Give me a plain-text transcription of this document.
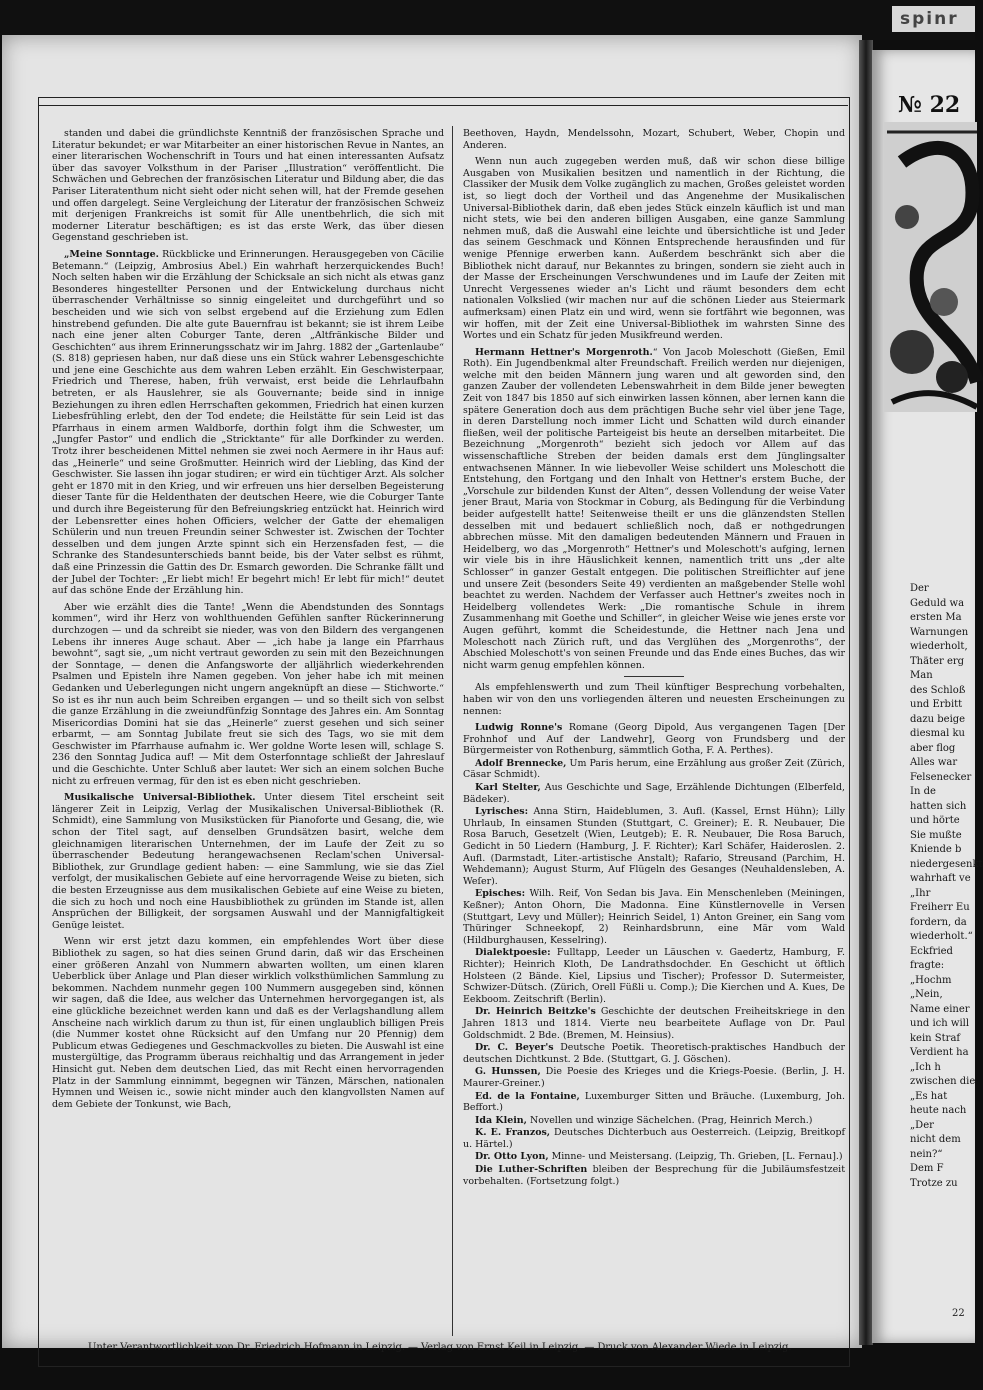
spinr
№ 22
Der
Geduld wa
ersten Ma
Warnungen
wiederholt,
Thäter erg
Man
des Schloß
und Erbitt
dazu beige
diesmal ku
aber flog
Alles war
Felsenecker
In de
hatten sich
und hörte
Sie mußte
Kniende b
niedergesenkt
wahrhaft ve
„Ihr
Freiherr Eu
fordern, da
wiederholt.“
Eckfried
fragte:
„Hochm
„Nein,
Name einer
und ich will
kein Straf
Verdient ha
„Ich h
zwischen die
„Es hat
heute nach
„Der
nicht dem
nein?“
Dem F
Trotze zu
22

standen und dabei die gründlichste Kenntniß der französischen Sprache und Literatur bekundet; er war Mitarbeiter an einer historischen Revue in Nantes, an einer literarischen Wochenschrift in Tours und hat einen interessanten Aufsatz über das savoyer Volksthum in der Pariser „Illustration“ veröffentlicht. Die Schwächen und Gebrechen der französischen Literatur und Bildung aber, die das Pariser Literatenthum nicht sieht oder nicht sehen will, hat der Fremde gesehen und offen dargelegt. Seine Vergleichung der Literatur der französischen Schweiz mit derjenigen Frankreichs ist somit für Alle unentbehrlich, die sich mit moderner Literatur beschäftigen; es ist das erste Werk, das über diesen Gegenstand geschrieben ist.

„Meine Sonntage. Rückblicke und Erinnerungen. Herausgegeben von Cäcilie Betemann.“ (Leipzig, Ambrosius Abel.) Ein wahrhaft herzerquickendes Buch! Noch selten haben wir die Erzählung der Schicksale an sich nicht als etwas ganz Besonderes hingestellter Personen und der Entwickelung durchaus nicht überraschender Verhältnisse so sinnig eingeleitet und durchgeführt und so bescheiden und wie sich von selbst ergebend auf die Erziehung zum Edlen hinstrebend gefunden. Die alte gute Bauernfrau ist bekannt; sie ist ihrem Leibe nach eine jener alten Coburger Tante, deren „Altfränkische Bilder und Geschichten“ aus ihrem Erinnerungsschatz wir im Jahrg. 1882 der „Gartenlaube“ (S. 818) gepriesen haben, nur daß diese uns ein Stück wahrer Lebensgeschichte und jene eine Geschichte aus dem wahren Leben erzählt. Ein Geschwisterpaar, Friedrich und Therese, haben, früh verwaist, erst beide die Lehrlaufbahn betreten, er als Hauslehrer, sie als Gouvernante; beide sind in innige Beziehungen zu ihren edlen Herrschaften gekommen, Friedrich hat einen kurzen Liebesfrühling erlebt, den der Tod endete; die Heilstätte für sein Leid ist das Pfarrhaus in einem armen Waldborfe, dorthin folgt ihm die Schwester, um „Jungfer Pastor“ und endlich die „Stricktante“ für alle Dorfkinder zu werden. Trotz ihrer bescheidenen Mittel nehmen sie zwei noch Aermere in ihr Haus auf: das „Heinerle“ und seine Großmutter. Heinrich wird der Liebling, das Kind der Geschwister. Sie lassen ihn jogar studiren; er wird ein tüchtiger Arzt. Als solcher geht er 1870 mit in den Krieg, und wir erfreuen uns hier derselben Begeisterung dieser Tante für die Heldenthaten der deutschen Heere, wie die Coburger Tante und durch ihre Begeisterung für den Befreiungskrieg entzückt hat. Heinrich wird der Lebensretter eines hohen Officiers, welcher der Gatte der ehemaligen Schülerin und nun treuen Freundin seiner Schwester ist. Zwischen der Tochter desselben und dem jungen Arzte spinnt sich ein Herzensfaden fest, — die Schranke des Standesunterschieds bannt beide, bis der Vater selbst es rühmt, daß eine Prinzessin die Gattin des Dr. Esmarch geworden. Die Schranke fällt und der Jubel der Tochter: „Er liebt mich! Er begehrt mich! Er lebt für mich!“ deutet auf das schöne Ende der Erzählung hin.

Aber wie erzählt dies die Tante! „Wenn die Abendstunden des Sonntags kommen“, wird ihr Herz von wohlthuenden Gefühlen sanfter Rückerinnerung durchzogen — und da schreibt sie nieder, was von den Bildern des vergangenen Lebens ihr inneres Auge schaut. Aber — „ich habe ja lange ein Pfarrhaus bewohnt“, sagt sie, „um nicht vertraut geworden zu sein mit den Bezeichnungen der Sonntage, — denen die Anfangsworte der alljährlich wiederkehrenden Psalmen und Episteln ihre Namen gegeben. Von jeher habe ich mit meinen Gedanken und Ueberlegungen nicht ungern angeknüpft an diese — Stichworte.“ So ist es ihr nun auch beim Schreiben ergangen — und so theilt sich von selbst die ganze Erzählung in die zweiundfünfzig Sonntage des Jahres ein. Am Sonntag Misericordias Domini hat sie das „Heinerle“ zuerst gesehen und sich seiner erbarmt, — am Sonntag Jubilate freut sie sich des Tags, wo sie mit dem Geschwister im Pfarrhause aufnahm ic. Wer goldne Worte lesen will, schlage S. 236 den Sonntag Judica auf! — Mit dem Osterfonntage schließt der Jahreslauf und die Geschichte. Unter Schluß aber lautet: Wer sich an einem solchen Buche nicht zu erfreuen vermag, für den ist es eben nicht geschrieben.

Musikalische Universal-Bibliothek. Unter diesem Titel erscheint seit längerer Zeit in Leipzig, Verlag der Musikalischen Universal-Bibliothek (R. Schmidt), eine Sammlung von Musikstücken für Pianoforte und Gesang, die, wie schon der Titel sagt, auf denselben Grundsätzen basirt, welche dem gleichnamigen literarischen Unternehmen, der im Laufe der Zeit zu so überraschender Bedeutung herangewachsenen Reclam'schen Universal-Bibliothek, zur Grundlage gedient haben: — eine Sammlung, wie sie das Ziel verfolgt, der musikalischen Gebiete auf eine hervorragende Weise zu bieten, sich die besten Erzeugnisse aus dem musikalischen Gebiete auf eine Weise zu bieten, die sich zu hoch und noch eine Hausbibliothek zu gründen im Stande ist, allen Ansprüchen der Billigkeit, der sorgsamen Auswahl und der Mannigfaltigkeit Genüge leistet.

Wenn wir erst jetzt dazu kommen, ein empfehlendes Wort über diese Bibliothek zu sagen, so hat dies seinen Grund darin, daß wir das Erscheinen einer größeren Anzahl von Nummern abwarten wollten, um einen klaren Ueberblick über Anlage und Plan dieser wirklich volksthümlichen Sammlung zu bekommen. Nachdem nunmehr gegen 100 Nummern ausgegeben sind, können wir sagen, daß die Idee, aus welcher das Unternehmen hervorgegangen ist, als eine glückliche bezeichnet werden kann und daß es der Verlagshandlung allem Anscheine nach wirklich darum zu thun ist, für einen unglaublich billigen Preis (die Nummer kostet ohne Rücksicht auf den Umfang nur 20 Pfennig) dem Publicum etwas Gediegenes und Geschmackvolles zu bieten. Die Auswahl ist eine mustergültige, das Programm überaus reichhaltig und das Arrangement in jeder Hinsicht gut. Neben dem deutschen Lied, das mit Recht einen hervorragenden Platz in der Sammlung einnimmt, begegnen wir Tänzen, Märschen, nationalen Hymnen und Weisen ic., sowie nicht minder auch den klangvollsten Namen auf dem Gebiete der Tonkunst, wie Bach,

Beethoven, Haydn, Mendelssohn, Mozart, Schubert, Weber, Chopin und Anderen.

Wenn nun auch zugegeben werden muß, daß wir schon diese billige Ausgaben von Musikalien besitzen und namentlich in der Richtung, die Classiker der Musik dem Volke zugänglich zu machen, Großes geleistet worden ist, so liegt doch der Vortheil und das Angenehme der Musikalischen Universal-Bibliothek darin, daß eben jedes Stück einzeln käuflich ist und man nicht stets, wie bei den anderen billigen Ausgaben, eine ganze Sammlung nehmen muß, daß die Auswahl eine leichte und übersichtliche ist und Jeder das seinem Geschmack und Können Entsprechende herausfinden und für wenige Pfennige erwerben kann. Außerdem beschränkt sich aber die Bibliothek nicht darauf, nur Bekanntes zu bringen, sondern sie zieht auch in der Masse der Erscheinungen Verschwundenes und im Laufe der Zeiten mit Unrecht Vergessenes wieder an's Licht und räumt besonders dem echt nationalen Volkslied (wir machen nur auf die schönen Lieder aus Steiermark aufmerksam) einen Platz ein und wird, wenn sie fortfährt wie begonnen, was wir hoffen, mit der Zeit eine Universal-Bibliothek im wahrsten Sinne des Wortes und ein Schatz für jeden Musikfreund werden.

Hermann Hettner's Morgenroth.“ Von Jacob Moleschott (Gießen, Emil Roth). Ein Jugendbenkmal alter Freundschaft. Freilich werden nur diejenigen, welche mit den beiden Männern jung waren und alt geworden sind, den ganzen Zauber der vollendeten Lebenswahrheit in dem Bilde jener bewegten Zeit von 1847 bis 1850 auf sich einwirken lassen können, aber lernen kann die spätere Generation doch aus dem prächtigen Buche sehr viel über jene Tage, in deren Darstellung noch immer Licht und Schatten wild durch einander fließen, weil der politische Parteigeist bis heute an derselben mitarbeitet. Die Bezeichnung „Morgenroth“ bezieht sich jedoch vor Allem auf das wissenschaftliche Streben der beiden damals erst dem Jünglingsalter entwachsenen Männer. In wie liebevoller Weise schildert uns Moleschott die Entstehung, den Fortgang und den Inhalt von Hettner's erstem Buche, der „Vorschule zur bildenden Kunst der Alten“, dessen Vollendung der weise Vater jener Braut, Maria von Stockmar in Coburg, als Bedingung für die Verbindung beider aufgestellt hatte! Seitenweise theilt er uns die glänzendsten Stellen desselben mit und bedauert schließlich noch, daß er nothgedrungen abbrechen müsse. Mit den damaligen bedeutenden Männern und Frauen in Heidelberg, wo das „Morgenroth“ Hettner's und Moleschott's aufging, lernen wir viele bis in ihre Häuslichkeit kennen, namentlich tritt uns „der alte Schlosser“ in ganzer Gestalt entgegen. Die politischen Streiflichter auf jene und unsere Zeit (besonders Seite 49) verdienten an maßgebender Stelle wohl beachtet zu werden. Nachdem der Verfasser auch Hettner's zweites noch in Heidelberg vollendetes Werk: „Die romantische Schule in ihrem Zusammenhang mit Goethe und Schiller“, in gleicher Weise wie jenes erste vor Augen geführt, kommt die Scheidestunde, die Hettner nach Jena und Moleschott nach Zürich ruft, und das Verglühen des „Morgenroths“, der Abschied Moleschott's von seinen Freunde und das Ende eines Buches, das wir nicht warm genug empfehlen können.

Als empfehlenswerth und zum Theil künftiger Besprechung vorbehalten, haben wir von den uns vorliegenden älteren und neuesten Erscheinungen zu nennen:

Ludwig Ronne's Romane (Georg Dipold, Aus vergangenen Tagen [Der Frohnhof und Auf der Landwehr], Georg von Frundsberg und der Bürgermeister von Rothenburg, sämmtlich Gotha, F. A. Perthes).

Adolf Brennecke, Um Paris herum, eine Erzählung aus großer Zeit (Zürich, Cäsar Schmidt).

Karl Stelter, Aus Geschichte und Sage, Erzählende Dichtungen (Elberfeld, Bädeker).

Lyrisches: Anna Stirn, Haideblumen, 3. Aufl. (Kassel, Ernst Hühn); Lilly Uhrlaub, In einsamen Stunden (Stuttgart, C. Greiner); E. R. Neubauer, Die Rosa Baruch, Gesetzelt (Wien, Leutgeb); E. R. Neubauer, Die Rosa Baruch, Gedicht in 50 Liedern (Hamburg, J. F. Richter); Karl Schäfer, Haideroslen. 2. Aufl. (Darmstadt, Liter.-artistische Anstalt); Rafario, Streusand (Parchim, H. Wehdemann); August Sturm, Auf Flügeln des Gesanges (Neuhaldensleben, A. Weſer).

Episches: Wilh. Reif, Von Sedan bis Java. Ein Menschenleben (Meiningen, Keßner); Anton Ohorn, Die Madonna. Eine Künstlernovelle in Versen (Stuttgart, Levy und Müller); Heinrich Seidel, 1) Anton Greiner, ein Sang vom Thüringer Schneekopf, 2) Reinhardsbrunn, eine Mär vom Wald (Hildburghausen, Kesselring).

Dialektpoesie: Fulltapp, Leeder un Läuschen v. Gaedertz, Hamburg, F. Richter); Heinrich Kloth, De Landrathsdochder. En Geschicht ut öftlich Holsteen (2 Bände. Kiel, Lipsius und Tischer); Professor D. Sutermeister, Schwizer-Dütsch. (Zürich, Orell Füßli u. Comp.); Die Kierchen und A. Kues, De Eekboom. Zeitschrift (Berlin).

Dr. Heinrich Beitzke's Geschichte der deutschen Freiheitskriege in den Jahren 1813 und 1814. Vierte neu bearbeitete Auflage von Dr. Paul Goldschmidt. 2 Bde. (Bremen, M. Heinsius).

Dr. C. Beyer's Deutsche Poetik. Theoretisch-praktisches Handbuch der deutschen Dichtkunst. 2 Bde. (Stuttgart, G. J. Göschen).

G. Hunssen, Die Poesie des Krieges und die Kriegs-Poesie. (Berlin, J. H. Maurer-Greiner.)

Ed. de la Fontaine, Luxemburger Sitten und Bräuche. (Luxemburg, Joh. Beffort.)

Ida Klein, Novellen und winzige Sächelchen. (Prag, Heinrich Merch.)

K. E. Franzos, Deutsches Dichterbuch aus Oesterreich. (Leipzig, Breitkopf u. Härtel.)

Dr. Otto Lyon, Minne- und Meistersang. (Leipzig, Th. Grieben, [L. Fernau].)

Die Luther-Schriften bleiben der Besprechung für die Jubiläumsfestzeit vorbehalten. (Fortsetzung folgt.)

Unter Verantwortlichkeit von Dr. Friedrich Hofmann in Leipzig. — Verlag von Ernst Keil in Leipzig. — Druck von Alexander Wiede in Leipzig.
